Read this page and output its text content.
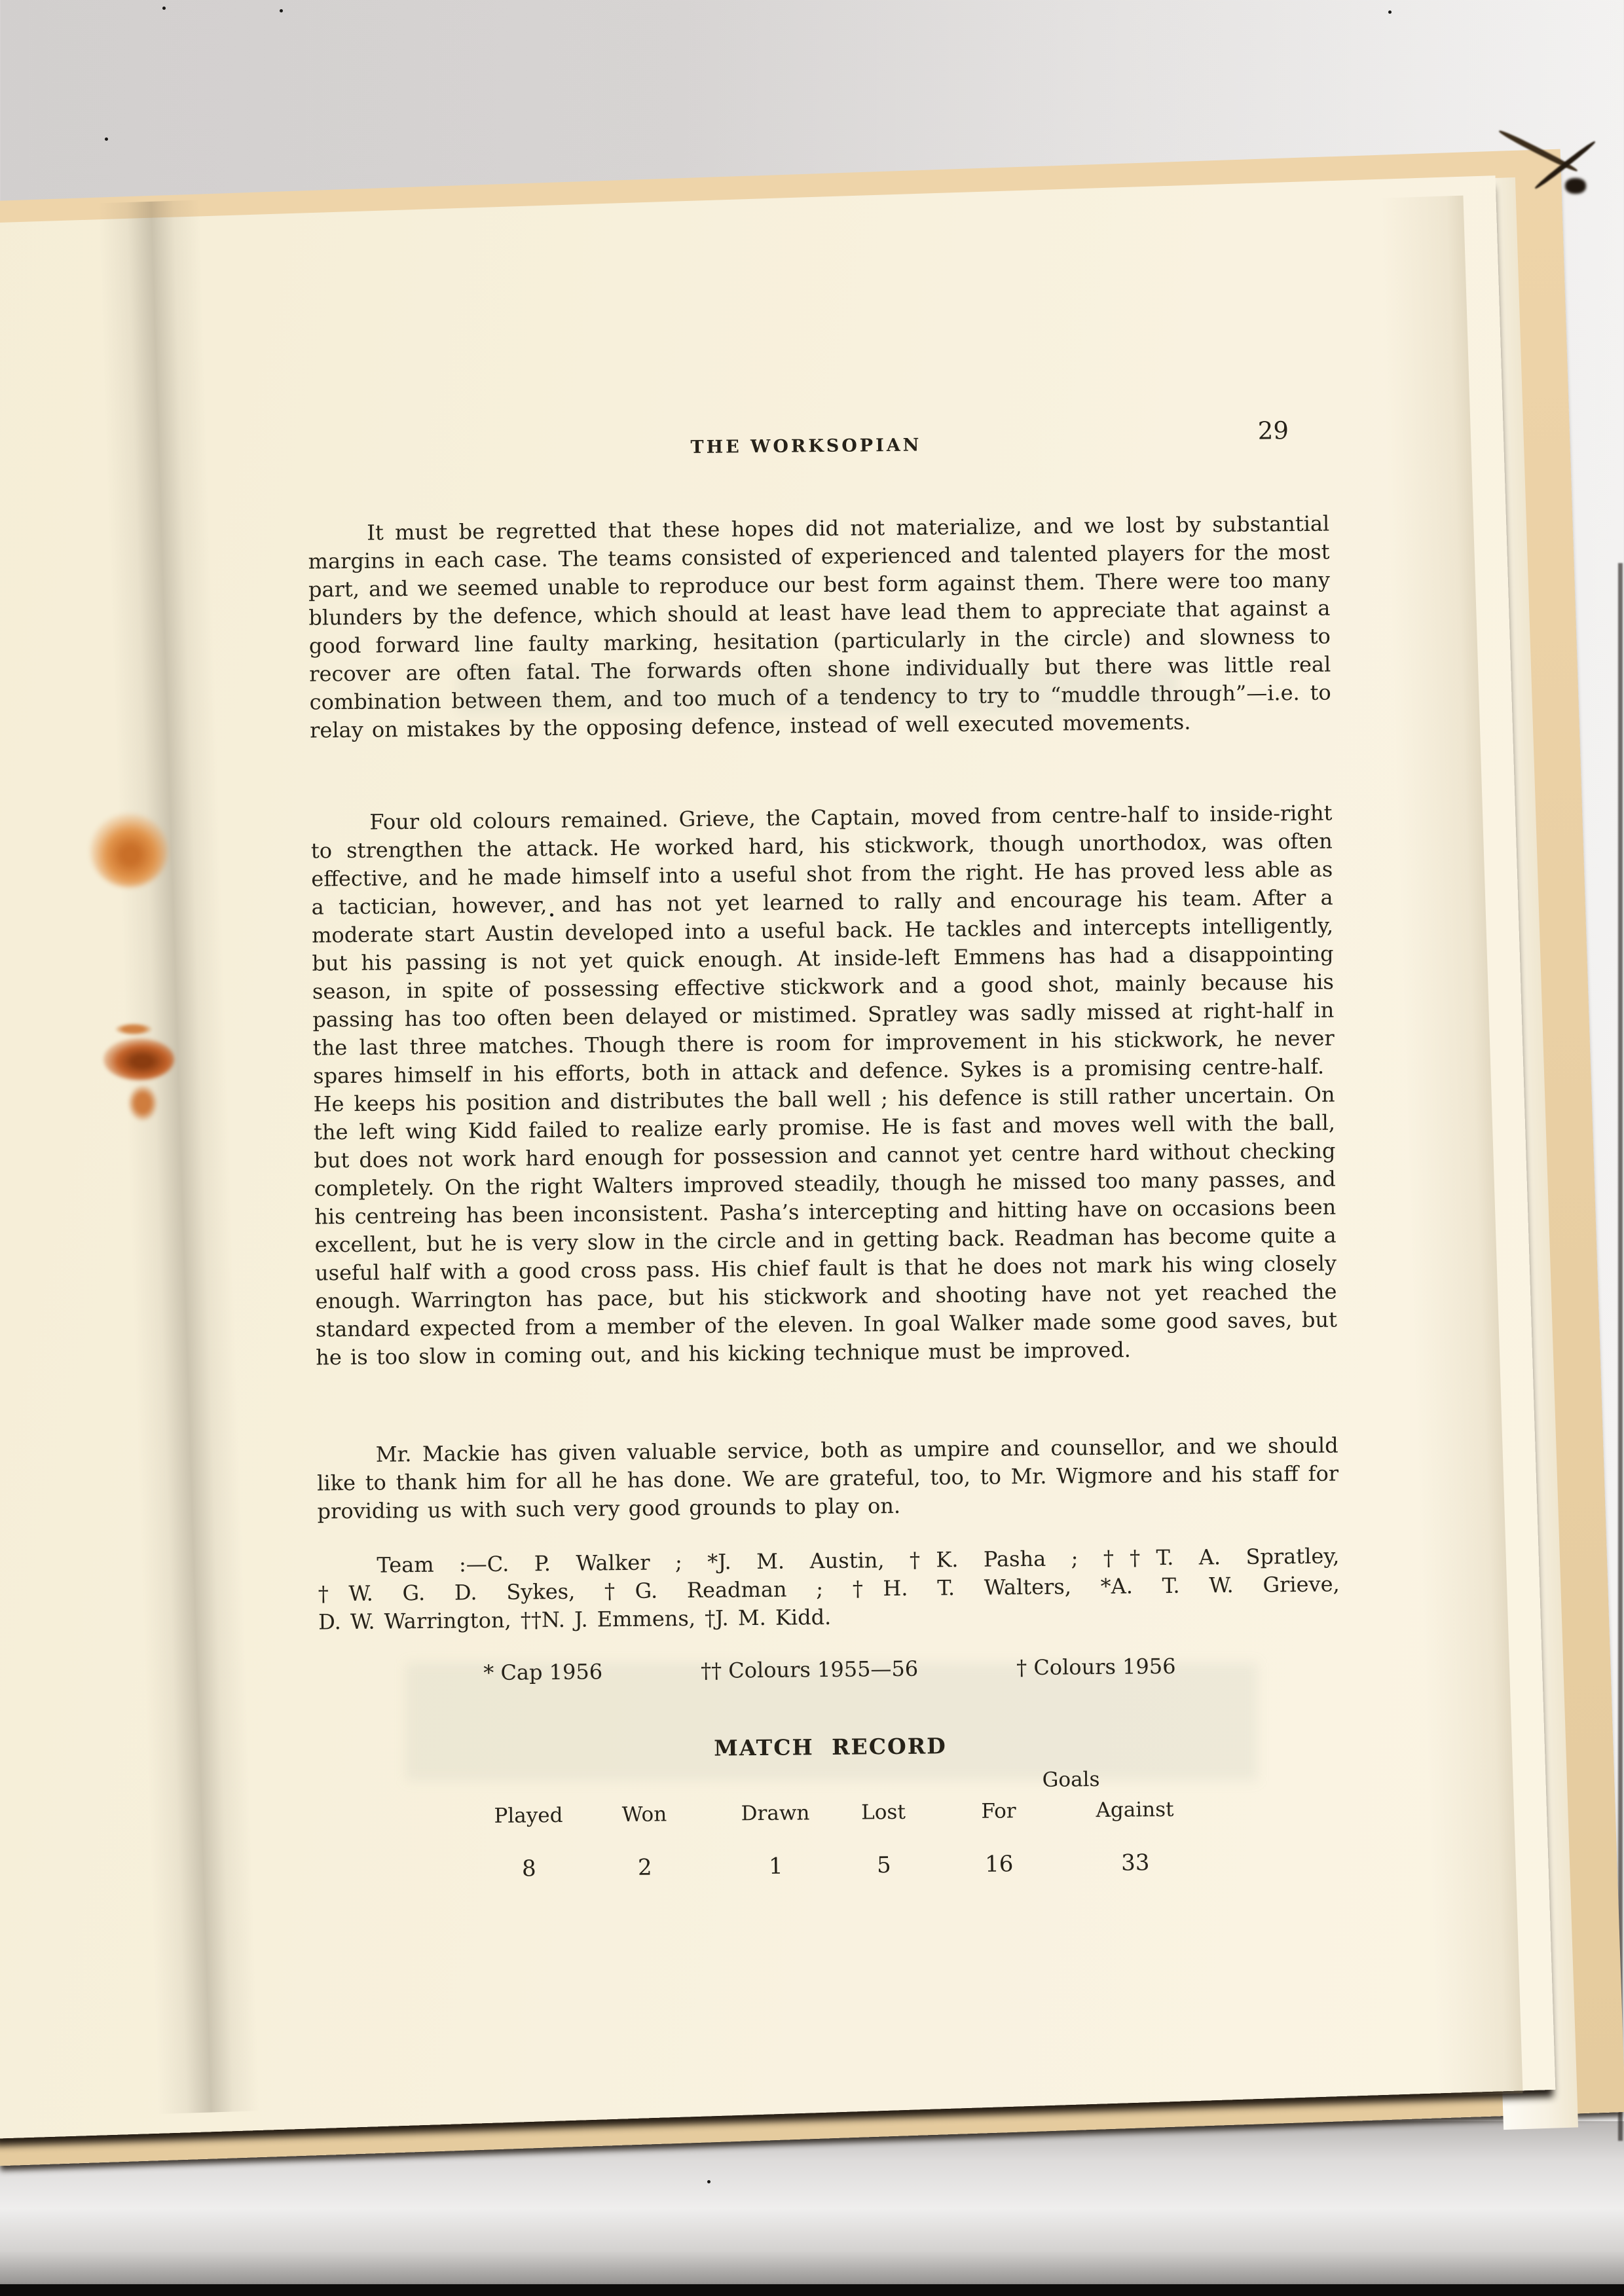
THE WORKSOPIAN
29

It must be regretted that these hopes did not materialize, and we lost by substantial margins in each case. The teams consisted of experienced and talented players for the most part, and we seemed unable to reproduce our best form against them. There were too many blunders by the defence, which should at least have lead them to appreciate that against a good forward line faulty marking, hesitation (particularly in the circle) and slowness to recover are often fatal. The forwards often shone individually but there was little real combination between them, and too much of a tendency to try to “muddle through”—i.e. to relay on mistakes by the opposing defence, instead of well executed movements.

Four old colours remained. Grieve, the Captain, moved from centre-half to inside-right to strengthen the attack. He worked hard, his stickwork, though unorthodox, was often effective, and he made himself into a useful shot from the right. He has proved less able as a tactician, however, and has not yet learned to rally and encourage his team. After a moderate start Austin developed into a useful back. He tackles and intercepts intelligently, but his passing is not yet quick enough. At inside-left Emmens has had a disappointing season, in spite of possessing effective stickwork and a good shot, mainly because his passing has too often been delayed or mistimed. Spratley was sadly missed at right-half in the last three matches. Though there is room for improvement in his stickwork, he never spares himself in his efforts, both in attack and defence. Sykes is a promising centre-half. He keeps his position and distributes the ball well ; his defence is still rather uncertain. On the left wing Kidd failed to realize early promise. He is fast and moves well with the ball, but does not work hard enough for possession and cannot yet centre hard without checking completely. On the right Walters improved steadily, though he missed too many passes, and his centreing has been inconsistent. Pasha’s intercepting and hitting have on occasions been excellent, but he is very slow in the circle and in getting back. Readman has become quite a useful half with a good cross pass. His chief fault is that he does not mark his wing closely enough. Warrington has pace, but his stickwork and shooting have not yet reached the standard expected from a member of the eleven. In goal Walker made some good saves, but he is too slow in coming out, and his kicking technique must be improved.

Mr. Mackie has given valuable service, both as umpire and counsellor, and we should like to thank him for all he has done. We are grateful, too, to Mr. Wigmore and his staff for providing us with such very good grounds to play on.

Team :—C. P. Walker ; *J. M. Austin, †K. Pasha ; ††T. A. Spratley,
†W. G. D. Sykes, †G. Readman ; †H. T. Walters, *A. T. W. Grieve,
D. W. Warrington, ††N. J. Emmens, †J. M. Kidd.
* Cap 1956	†† Colours 1955—56	† Colours 1956
MATCH RECORD
Goals
Played
8
Won
2
Drawn
1
Lost
5
For
16
Against
33
